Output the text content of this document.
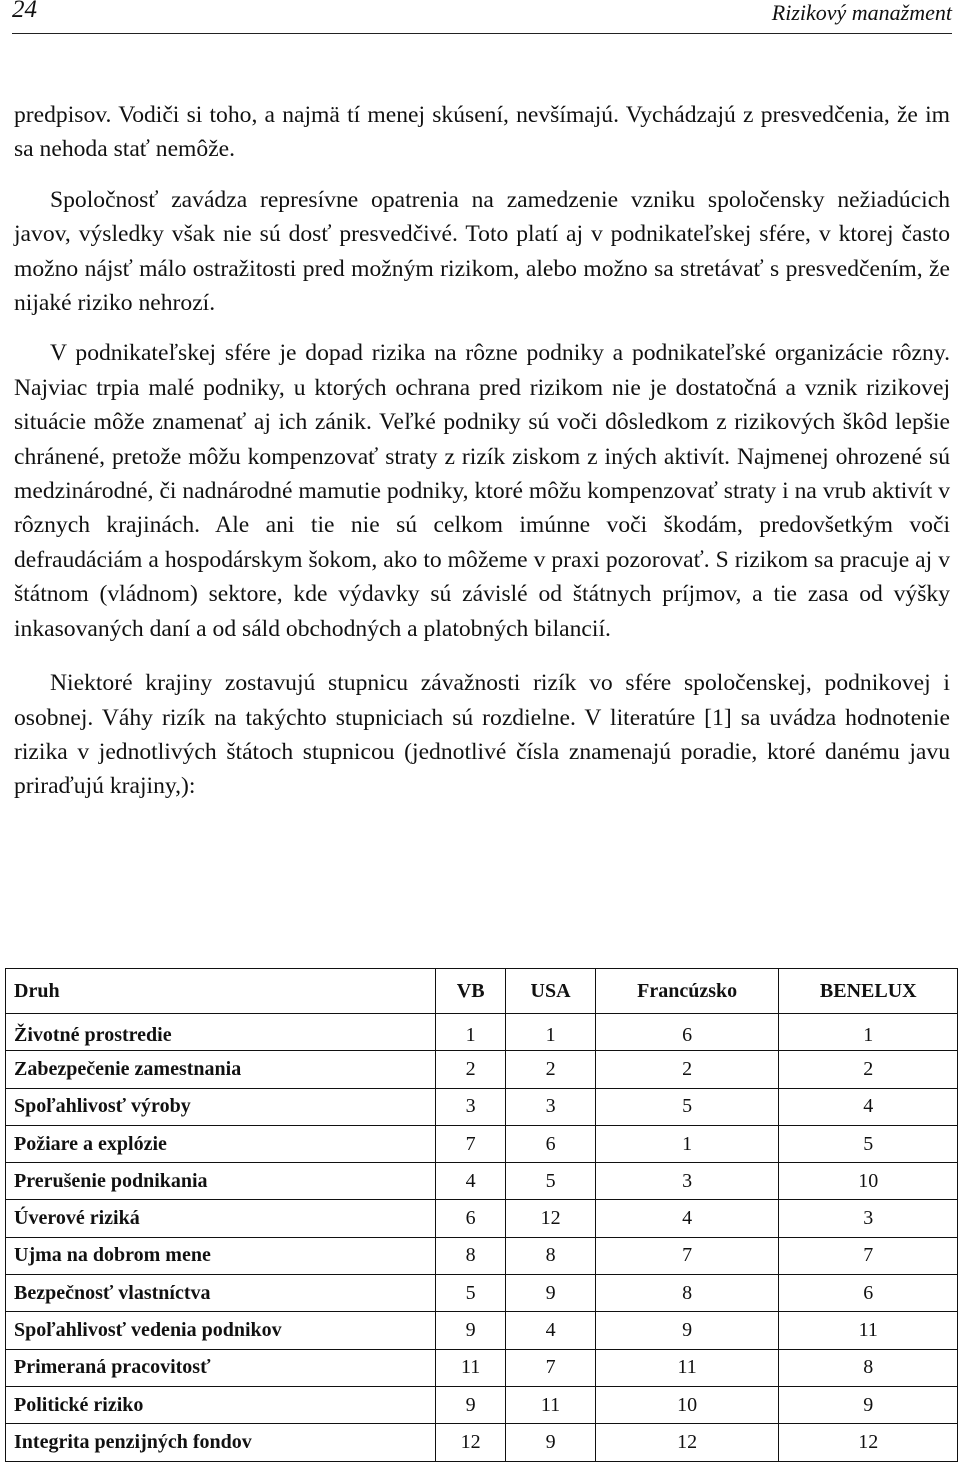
24	Rizikový manažment

predpisov. Vodiči si toho, a najmä tí menej skúsení, nevšímajú. Vychádzajú z presvedčenia, že im sa nehoda stať nemôže.

Spoločnosť zavádza represívne opatrenia na zamedzenie vzniku spoločensky nežiadúcich javov, výsledky však nie sú dosť presvedčivé. Toto platí aj v podnikateľskej sfére, v ktorej často možno nájsť málo ostražitosti pred možným rizikom, alebo možno sa stretávať s presvedčením, že nijaké riziko nehrozí.

V podnikateľskej sfére je dopad rizika na rôzne podniky a podnikateľské organizácie rôzny. Najviac trpia malé podniky, u ktorých ochrana pred rizikom nie je dostatočná a vznik rizikovej situácie môže znamenať aj ich zánik. Veľké podniky sú voči dôsledkom z rizikových škôd lepšie chránené, pretože môžu kompenzovať straty z rizík ziskom z iných aktivít. Najmenej ohrozené sú medzinárodné, či nadnárodné mamutie podniky, ktoré môžu kompenzovať straty i na vrub aktivít v rôznych krajinách. Ale ani tie nie sú celkom imúnne voči škodám, predovšetkým voči defraudáciám a hospodárskym šokom, ako to môžeme v praxi pozorovať. S rizikom sa pracuje aj v štátnom (vládnom) sektore, kde výdavky sú závislé od štátnych príjmov, a tie zasa od výšky inkasovaných daní a od sáld obchodných a platobných bilancií.

Niektoré krajiny zostavujú stupnicu závažnosti rizík vo sfére spoločenskej, podnikovej i osobnej. Váhy rizík na takýchto stupniciach sú rozdielne. V literatúre [1] sa uvádza hodnotenie rizika v jednotlivých štátoch stupnicou (jednotlivé čísla znamenajú poradie, ktoré danému javu priraďujú krajiny,):

Druh	VB	USA	Francúzsko	BENELUX
Životné prostredie	1	1	6	1
Zabezpečenie zamestnania	2	2	2	2
Spoľahlivosť výroby	3	3	5	4
Požiare a explózie	7	6	1	5
Prerušenie podnikania	4	5	3	10
Úverové riziká	6	12	4	3
Ujma na dobrom mene	8	8	7	7
Bezpečnosť vlastníctva	5	9	8	6
Spoľahlivosť vedenia podnikov	9	4	9	11
Primeraná pracovitosť	11	7	11	8
Politické riziko	9	11	10	9
Integrita penzijných fondov	12	9	12	12
